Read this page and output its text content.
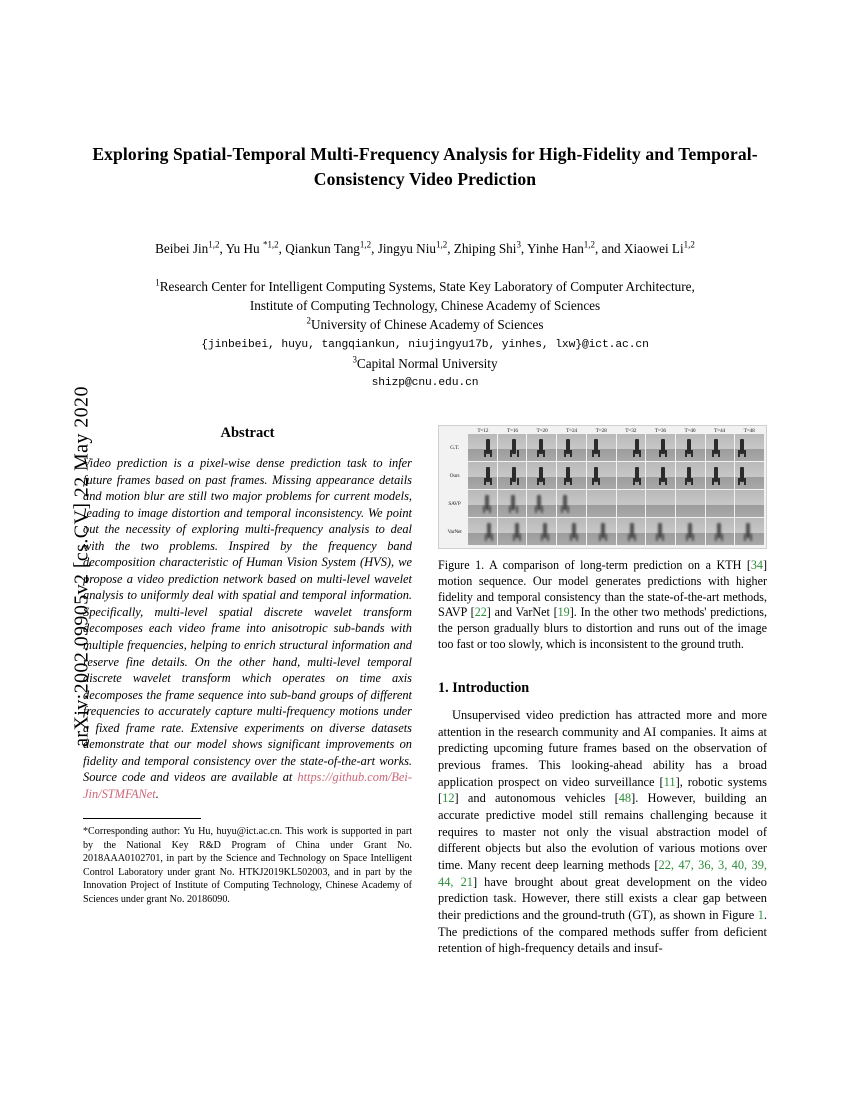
arXiv:2002.09905v2 [cs.CV] 22 May 2020
Exploring Spatial-Temporal Multi-Frequency Analysis for High-Fidelity and Temporal-Consistency Video Prediction
Beibei Jin$^{1,2}$, Yu Hu $^{*1,2}$, Qiankun Tang$^{1,2}$, Jingyu Niu$^{1,2}$, Zhiping Shi$^3$, Yinhe Han$^{1,2}$, and Xiaowei Li$^{1,2}$
$^1$Research Center for Intelligent Computing Systems, State Key Laboratory of Computer Architecture,
Institute of Computing Technology, Chinese Academy of Sciences
$^2$University of Chinese Academy of Sciences
{jinbeibei, huyu, tangqiankun, niujingyu17b, yinhes, lxw}@ict.ac.cn
$^3$Capital Normal University
shizp@cnu.edu.cn
Abstract
Video prediction is a pixel-wise dense prediction task to infer future frames based on past frames. Missing appearance details and motion blur are still two major problems for current models, leading to image distortion and temporal inconsistency. We point out the necessity of exploring multi-frequency analysis to deal with the two problems. Inspired by the frequency band decomposition characteristic of Human Vision System (HVS), we propose a video prediction network based on multi-level wavelet analysis to uniformly deal with spatial and temporal information. Specifically, multi-level spatial discrete wavelet transform decomposes each video frame into anisotropic sub-bands with multiple frequencies, helping to enrich structural information and reserve fine details. On the other hand, multi-level temporal discrete wavelet transform which operates on time axis decomposes the frame sequence into sub-band groups of different frequencies to accurately capture multi-frequency motions under a fixed frame rate. Extensive experiments on diverse datasets demonstrate that our model shows significant improvements on fidelity and temporal consistency over the state-of-the-art works. Source code and videos are available at https://github.com/Bei-Jin/STMFANet.
*Corresponding author: Yu Hu, huyu@ict.ac.cn. This work is supported in part by the National Key R&D Program of China under Grant No. 2018AAA0102701, in part by the Science and Technology on Space Intelligent Control Laboratory under grant No. HTKJ2019KL502003, and in part by the Innovation Project of Institute of Computing Technology, Chinese Academy of Sciences under grant No. 20186090.
T=12	T=16	T=20	T=24	T=28	T=32	T=36	T=40	T=44	T=48
G.T.
Ours
SAVP
VarNet
Figure 1. A comparison of long-term prediction on a KTH [34] motion sequence. Our model generates predictions with higher fidelity and temporal consistency than the state-of-the-art methods, SAVP [22] and VarNet [19]. In the other two methods' predictions, the person gradually blurs to distortion and runs out of the image too fast or too slowly, which is inconsistent to the ground truth.
1. Introduction
Unsupervised video prediction has attracted more and more attention in the research community and AI companies. It aims at predicting upcoming future frames based on the observation of previous frames. This looking-ahead ability has a broad application prospect on video surveillance [11], robotic systems [12] and autonomous vehicles [48]. However, building an accurate predictive model still remains challenging because it requires to master not only the visual abstraction model of different objects but also the evolution of various motions over time. Many recent deep learning methods [22, 47, 36, 3, 40, 39, 44, 21] have brought about great development on the video prediction task. However, there still exists a clear gap between their predictions and the ground-truth (GT), as shown in Figure 1. The predictions of the compared methods suffer from deficient retention of high-frequency details and insuf-
